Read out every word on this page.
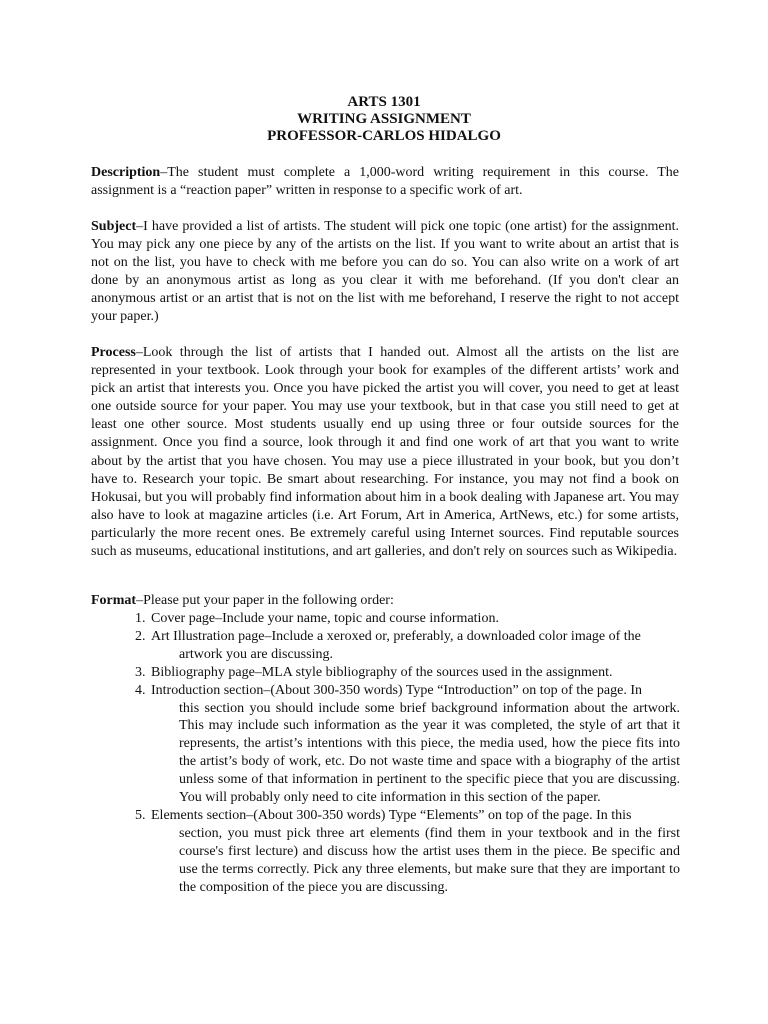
ARTS 1301
WRITING ASSIGNMENT
PROFESSOR-CARLOS HIDALGO
Description–The student must complete a 1,000-word writing requirement in this course. The assignment is a “reaction paper” written in response to a specific work of art.
Subject–I have provided a list of artists. The student will pick one topic (one artist) for the assignment. You may pick any one piece by any of the artists on the list. If you want to write about an artist that is not on the list, you have to check with me before you can do so. You can also write on a work of art done by an anonymous artist as long as you clear it with me beforehand. (If you don't clear an anonymous artist or an artist that is not on the list with me beforehand, I reserve the right to not accept your paper.)
Process–Look through the list of artists that I handed out. Almost all the artists on the list are represented in your textbook. Look through your book for examples of the different artists’ work and pick an artist that interests you. Once you have picked the artist you will cover, you need to get at least one outside source for your paper. You may use your textbook, but in that case you still need to get at least one other source. Most students usually end up using three or four outside sources for the assignment. Once you find a source, look through it and find one work of art that you want to write about by the artist that you have chosen. You may use a piece illustrated in your book, but you don’t have to. Research your topic. Be smart about researching. For instance, you may not find a book on Hokusai, but you will probably find information about him in a book dealing with Japanese art. You may also have to look at magazine articles (i.e. Art Forum, Art in America, ArtNews, etc.) for some artists, particularly the more recent ones. Be extremely careful using Internet sources. Find reputable sources such as museums, educational institutions, and art galleries, and don't rely on sources such as Wikipedia.
Format–Please put your paper in the following order:
1. Cover page–Include your name, topic and course information.
2. Art Illustration page–Include a xeroxed or, preferably, a downloaded color image of the
artwork you are discussing.
3. Bibliography page–MLA style bibliography of the sources used in the assignment.
4. Introduction section–(About 300-350 words) Type “Introduction” on top of the page. In
this section you should include some brief background information about the artwork. This may include such information as the year it was completed, the style of art that it represents, the artist’s intentions with this piece, the media used, how the piece fits into the artist’s body of work, etc. Do not waste time and space with a biography of the artist unless some of that information in pertinent to the specific piece that you are discussing. You will probably only need to cite information in this section of the paper.
5. Elements section–(About 300-350 words) Type “Elements” on top of the page. In this
section, you must pick three art elements (find them in your textbook and in the first course's first lecture) and discuss how the artist uses them in the piece. Be specific and use the terms correctly. Pick any three elements, but make sure that they are important to the composition of the piece you are discussing.
